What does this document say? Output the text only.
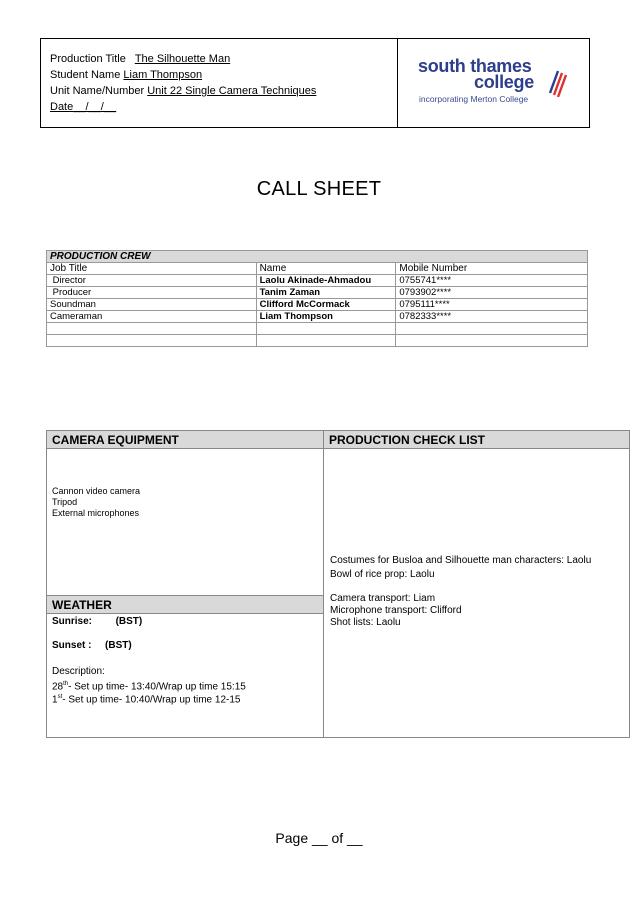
Production Title The Silhouette Man
Student Name Liam Thompson
Unit Name/Number Unit 22 Single Camera Techniques
Date__/__/__
south thames
college
incorporating Merton College
CALL SHEET
PRODUCTION CREW		
Job Title	Name	Mobile Number
Director	Laolu Akinade-Ahmadou	0755741****
Producer	Tanim Zaman	0793902****
Soundman	Clifford McCormack	0795111****
Cameraman	Liam Thompson	0782333****

CAMERA EQUIPMENT	PRODUCTION CHECK LIST
Cannon video camera
Tripod
External microphones
WEATHER
Sunrise: (BST)
Sunset : (BST)
Description:
28th- Set up time- 13:40/Wrap up time 15:15
1st- Set up time- 10:40/Wrap up time 12-15
Costumes for Busloa and Silhouette man characters: Laolu
Bowl of rice prop: Laolu
Camera transport: Liam
Microphone transport: Clifford
Shot lists: Laolu
Page __ of __
